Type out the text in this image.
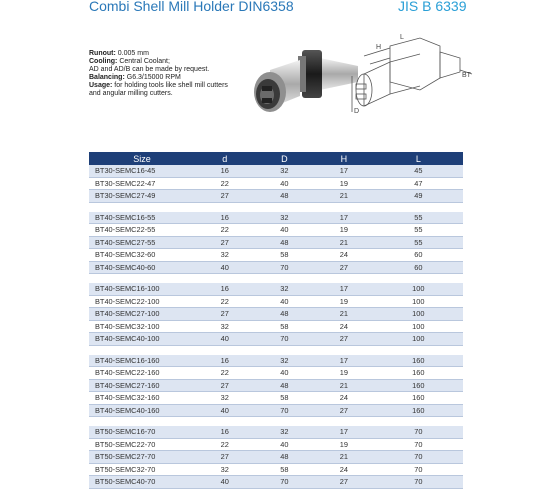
Combi Shell Mill Holder DIN6358	JIS B 6339
Runout: 0.005 mm
Cooling: Central Coolant;
AD and AD/B can be made by request.
Balancing: G6.3/15000 RPM
Usage: for holding tools like shell mill cutters and angular milling cutters.
H
L
D
BT
Size	d	D	H	L
BT30-SEMC16-45	16	32	17	45
BT30-SEMC22-47	22	40	19	47
BT30-SEMC27-49	27	48	21	49

BT40-SEMC16-55	16	32	17	55
BT40-SEMC22-55	22	40	19	55
BT40-SEMC27-55	27	48	21	55
BT40-SEMC32-60	32	58	24	60
BT40-SEMC40-60	40	70	27	60

BT40-SEMC16-100	16	32	17	100
BT40-SEMC22-100	22	40	19	100
BT40-SEMC27-100	27	48	21	100
BT40-SEMC32-100	32	58	24	100
BT40-SEMC40-100	40	70	27	100

BT40-SEMC16-160	16	32	17	160
BT40-SEMC22-160	22	40	19	160
BT40-SEMC27-160	27	48	21	160
BT40-SEMC32-160	32	58	24	160
BT40-SEMC40-160	40	70	27	160

BT50-SEMC16-70	16	32	17	70
BT50-SEMC22-70	22	40	19	70
BT50-SEMC27-70	27	48	21	70
BT50-SEMC32-70	32	58	24	70
BT50-SEMC40-70	40	70	27	70
